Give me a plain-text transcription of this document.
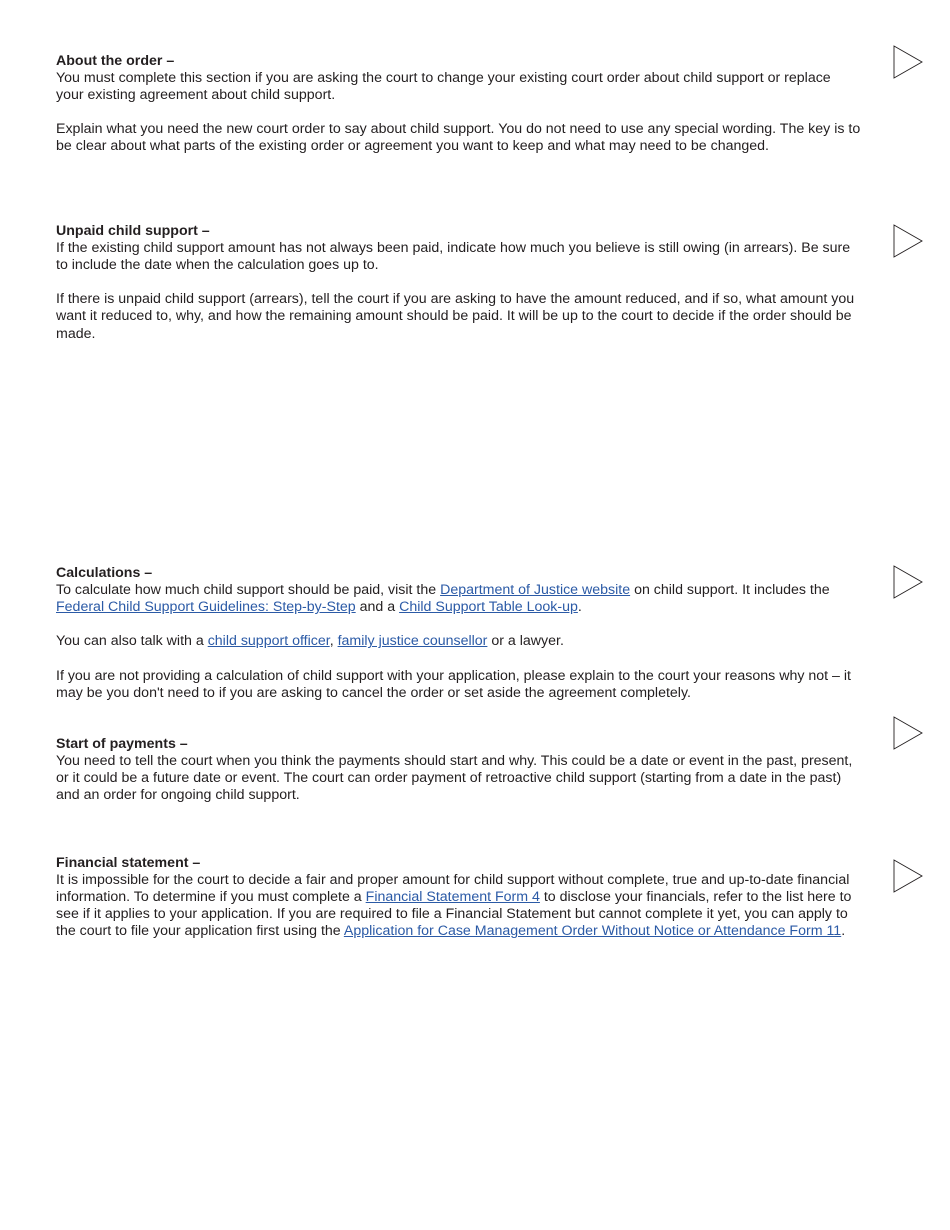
About the order –
You must complete this section if you are asking the court to change your existing court order about child support or replace your existing agreement about child support.

Explain what you need the new court order to say about child support. You do not need to use any special wording. The key is to be clear about what parts of the existing order or agreement you want to keep and what may need to be changed.

Unpaid child support –
If the existing child support amount has not always been paid, indicate how much you believe is still owing (in arrears). Be sure to include the date when the calculation goes up to.

If there is unpaid child support (arrears), tell the court if you are asking to have the amount reduced, and if so, what amount you want it reduced to, why, and how the remaining amount should be paid. It will be up to the court to decide if the order should be made.

Calculations –
To calculate how much child support should be paid, visit the Department of Justice website on child support. It includes the Federal Child Support Guidelines: Step-by-Step and a Child Support Table Look-up.

You can also talk with a child support officer, family justice counsellor or a lawyer.

If you are not providing a calculation of child support with your application, please explain to the court your reasons why not – it may be you don't need to if you are asking to cancel the order or set aside the agreement completely.

Start of payments –
You need to tell the court when you think the payments should start and why. This could be a date or event in the past, present, or it could be a future date or event. The court can order payment of retroactive child support (starting from a date in the past) and an order for ongoing child support.

Financial statement –
It is impossible for the court to decide a fair and proper amount for child support without complete, true and up-to-date financial information. To determine if you must complete a Financial Statement Form 4 to disclose your financials, refer to the list here to see if it applies to your application. If you are required to file a Financial Statement but cannot complete it yet, you can apply to the court to file your application first using the Application for Case Management Order Without Notice or Attendance Form 11.
